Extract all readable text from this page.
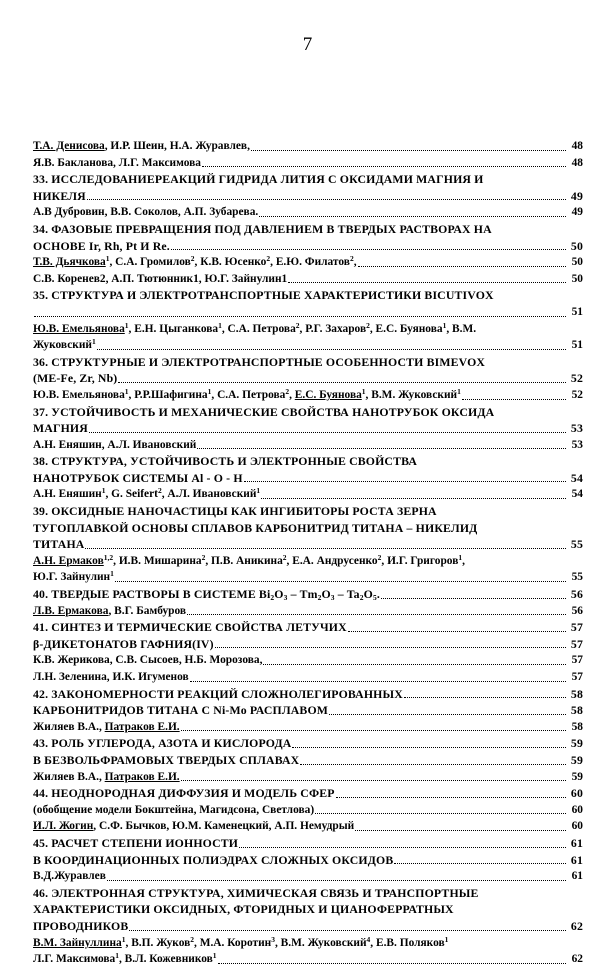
7
Т.А. Денисова, И.Р. Шеин, Н.А. Журавлев,	48
Я.В. Бакланова, Л.Г. Максимова	48
33. ИССЛЕДОВАНИЕРЕАКЦИЙ ГИДРИДА ЛИТИЯ С ОКСИДАМИ МАГНИЯ И
НИКЕЛЯ	49
А.В Дубровин, В.В. Соколов, А.П. Зубарева.	49
34. ФАЗОВЫЕ ПРЕВРАЩЕНИЯ ПОД ДАВЛЕНИЕМ В ТВЕРДЫХ РАСТВОРАХ НА
ОСНОВЕ Ir, Rh, Pt И Re.	50
Т.В. Дьячкова$^1$, С.А. Громилов$^2$, К.В. Юсенко$^2$, Е.Ю. Филатов$^2$,	50
С.В. Коренев2, А.П. Тютюнник1, Ю.Г. Зайнулин1	50
35. СТРУКТУРА И ЭЛЕКТРОТРАНСПОРТНЫЕ ХАРАКТЕРИСТИКИ BICUTIVOX
51
Ю.В. Емельянова$^1$, Е.Н. Цыганкова$^1$, С.А. Петрова$^2$, Р.Г. Захаров$^2$, Е.С. Буянова$^1$, В.М.
Жуковский$^1$	51
36. СТРУКТУРНЫЕ И ЭЛЕКТРОТРАНСПОРТНЫЕ ОСОБЕННОСТИ BIMEVOX
(ME-Fe, Zr, Nb)	52
Ю.В. Емельянова$^1$, Р.Р.Шафигина$^1$, С.А. Петрова$^2$, Е.С. Буянова$^1$, В.М. Жуковский$^1$	52
37. УСТОЙЧИВОСТЬ И МЕХАНИЧЕСКИЕ СВОЙСТВА НАНОТРУБОК ОКСИДА
МАГНИЯ	53
А.Н. Еняшин, А.Л. Ивановский	53
38. СТРУКТУРА, УСТОЙЧИВОСТЬ И ЭЛЕКТРОННЫЕ СВОЙСТВА
НАНОТРУБОК СИСТЕМЫ Al - O - H	54
А.Н. Еняшин$^1$, G. Seifert$^2$, А.Л. Ивановский$^1$	54
39. ОКСИДНЫЕ НАНОЧАСТИЦЫ КАК ИНГИБИТОРЫ РОСТА ЗЕРНА
ТУГОПЛАВКОЙ ОСНОВЫ СПЛАВОВ КАРБОНИТРИД ТИТАНА – НИКЕЛИД
ТИТАНА	55
А.Н. Ермаков$^{1,2}$, И.В. Мишарина$^2$, П.В. Аникина$^2$, Е.А. Андрусенко$^2$, И.Г. Григоров$^1$,
Ю.Г. Зайнулин$^1$	55
40. ТВЕРДЫЕ РАСТВОРЫ В СИСТЕМЕ $Bi_2O_3 - Tm_2O_3 - Ta_2O_5$.	56
Л.В. Ермакова, В.Г. Бамбуров	56
41. СИНТЕЗ И ТЕРМИЧЕСКИЕ СВОЙСТВА ЛЕТУЧИХ	57
β-ДИКЕТОНАТОВ ГАФНИЯ(IV)	57
К.В. Жерикова, С.В. Сысоев, Н.Б. Морозова,	57
Л.Н. Зеленина, И.К. Игуменов	57
42. ЗАКОНОМЕРНОСТИ РЕАКЦИЙ СЛОЖНОЛЕГИРОВАННЫХ	58
КАРБОНИТРИДОВ ТИТАНА С Ni-Mo РАСПЛАВОМ	58
Жиляев В.А., Патраков Е.И.	58
43. РОЛЬ УГЛЕРОДА, АЗОТА И КИСЛОРОДА	59
В БЕЗВОЛЬФРАМОВЫХ ТВЕРДЫХ СПЛАВАХ	59
Жиляев В.А., Патраков Е.И.	59
44. НЕОДНОРОДНАЯ ДИФФУЗИЯ И МОДЕЛЬ СФЕР	60
(обобщение модели Бокштейна, Магидсона, Светлова)	60
И.Л. Жогин, С.Ф. Бычков, Ю.М. Каменецкий, А.П. Немудрый	60
45. РАСЧЕТ СТЕПЕНИ ИОННОСТИ	61
В КООРДИНАЦИОННЫХ ПОЛИЭДРАХ СЛОЖНЫХ ОКСИДОВ	61
В.Д.Журавлев	61
46. ЭЛЕКТРОННАЯ СТРУКТУРА, ХИМИЧЕСКАЯ СВЯЗЬ И ТРАНСПОРТНЫЕ
ХАРАКТЕРИСТИКИ ОКСИДНЫХ, ФТОРИДНЫХ И ЦИАНОФЕРРАТНЫХ
ПРОВОДНИКОВ	62
В.М. Зайнуллина$^1$, В.П. Жуков$^2$, М.А. Коротин$^3$, В.М. Жуковский$^4$, Е.В. Поляков$^1$
Л.Г. Максимова$^1$, В.Л. Кожевников$^1$	62
